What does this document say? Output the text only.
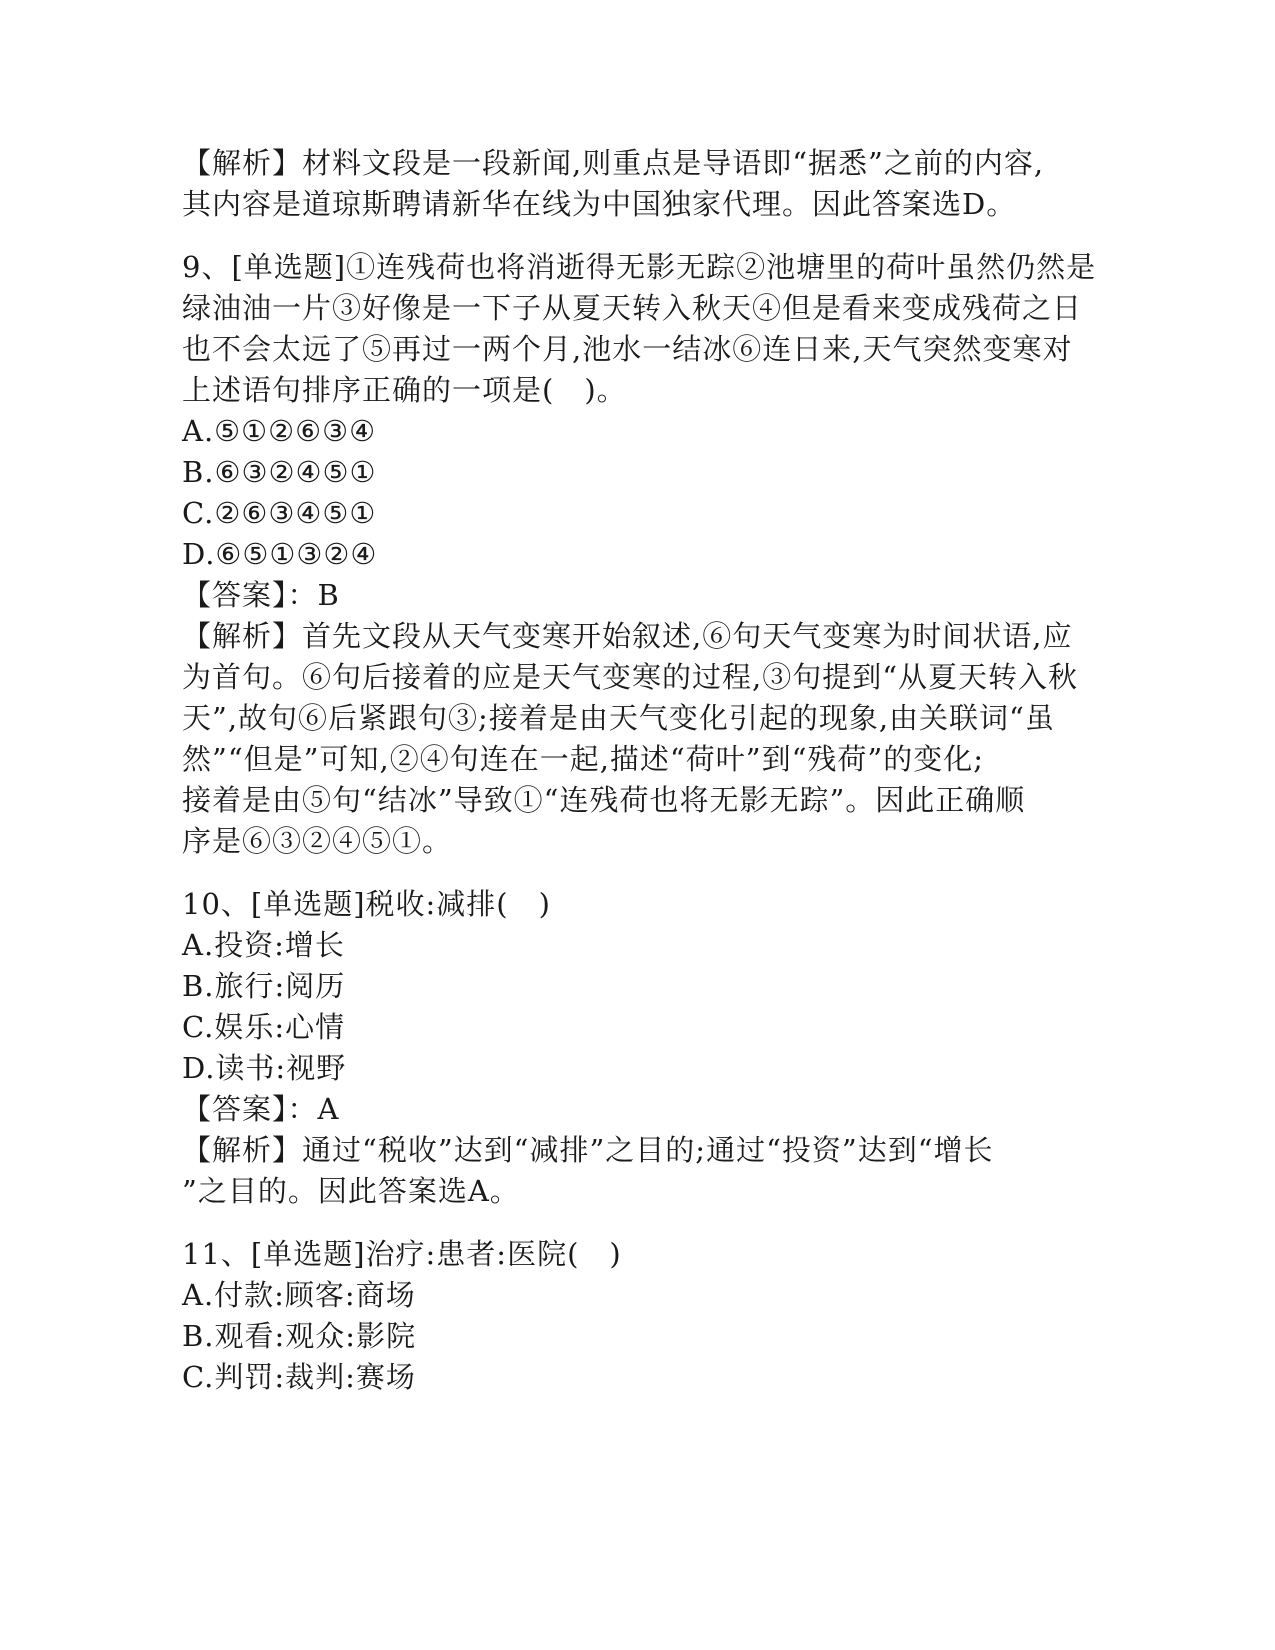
【解析】材料文段是一段新闻,则重点是导语即“据悉”之前的内容,
其内容是道琼斯聘请新华在线为中国独家代理。因此答案选D。
9、[单选题]①连残荷也将消逝得无影无踪②池塘里的荷叶虽然仍然是
绿油油一片③好像是一下子从夏天转入秋天④但是看来变成残荷之日
也不会太远了⑤再过一两个月,池水一结冰⑥连日来,天气突然变寒对
上述语句排序正确的一项是(　)。
A.⑤①②⑥③④
B.⑥③②④⑤①
C.②⑥③④⑤①
D.⑥⑤①③②④
【答案】：B
【解析】首先文段从天气变寒开始叙述,⑥句天气变寒为时间状语,应
为首句。⑥句后接着的应是天气变寒的过程,③句提到“从夏天转入秋
天”,故句⑥后紧跟句③;接着是由天气变化引起的现象,由关联词“虽
然”“但是”可知,②④句连在一起,描述“荷叶”到“残荷”的变化;
接着是由⑤句“结冰”导致①“连残荷也将无影无踪”。因此正确顺
序是⑥③②④⑤①。
10、[单选题]税收:减排(　)
A.投资:增长
B.旅行:阅历
C.娱乐:心情
D.读书:视野
【答案】：A
【解析】通过“税收”达到“减排”之目的;通过“投资”达到“增长
”之目的。因此答案选A。
11、[单选题]治疗:患者:医院(　)
A.付款:顾客:商场
B.观看:观众:影院
C.判罚:裁判:赛场
